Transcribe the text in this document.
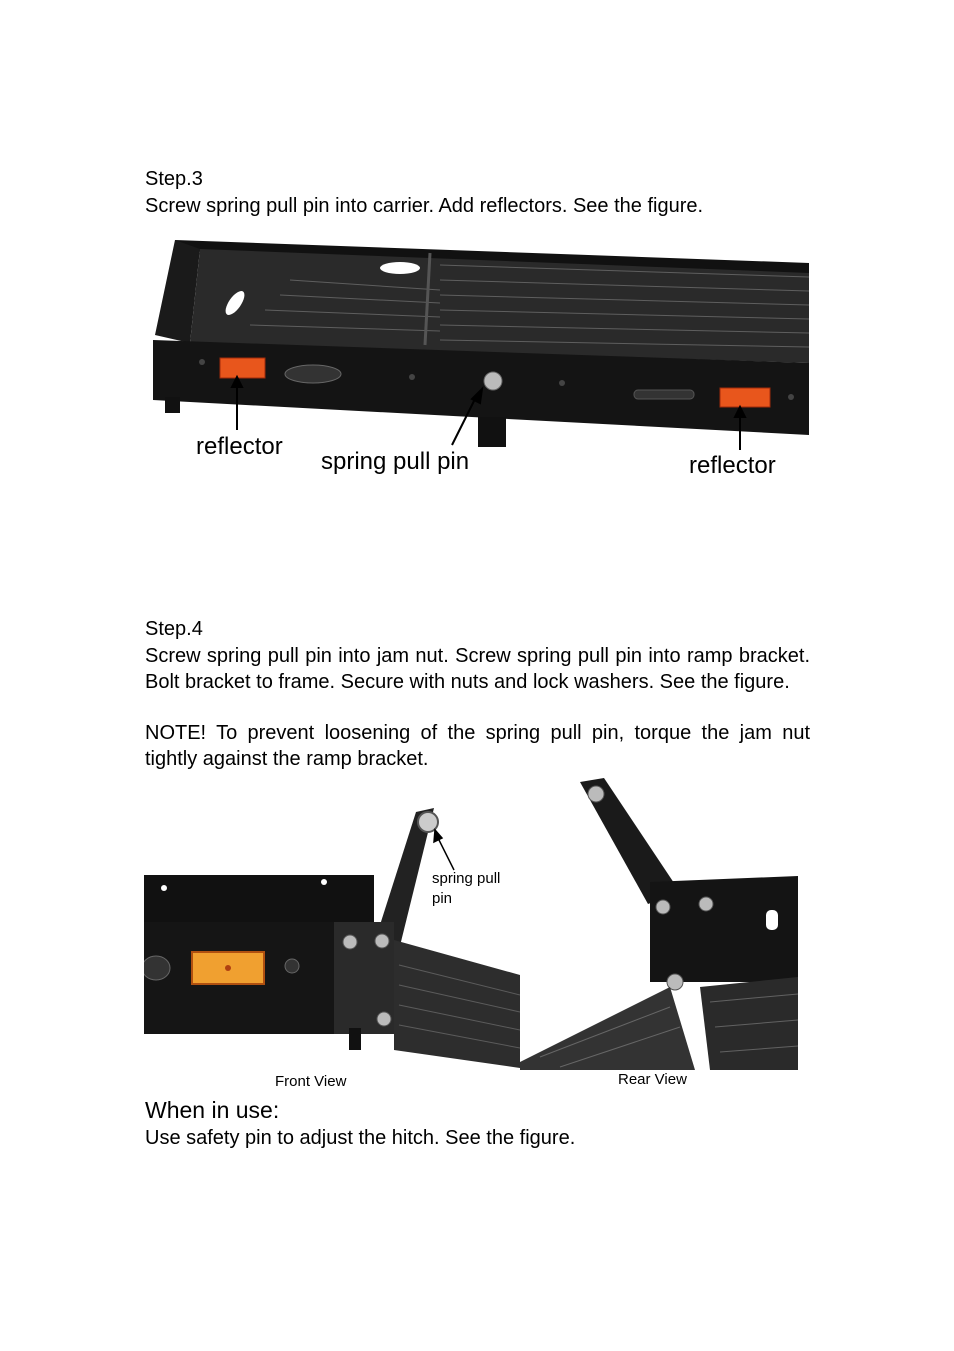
Step.3
Screw spring pull pin into carrier. Add reflectors. See the figure.
reflector
spring pull pin	reflector
Step.4
Screw spring pull pin into jam nut. Screw spring pull pin into ramp bracket. Bolt bracket to frame. Secure with nuts and lock washers. See the figure.
NOTE! To prevent loosening of the spring pull pin, torque the jam nut tightly against the ramp bracket.
spring pull
pin
Front View	Rear View
When in use:
Use safety pin to adjust the hitch. See the figure.
